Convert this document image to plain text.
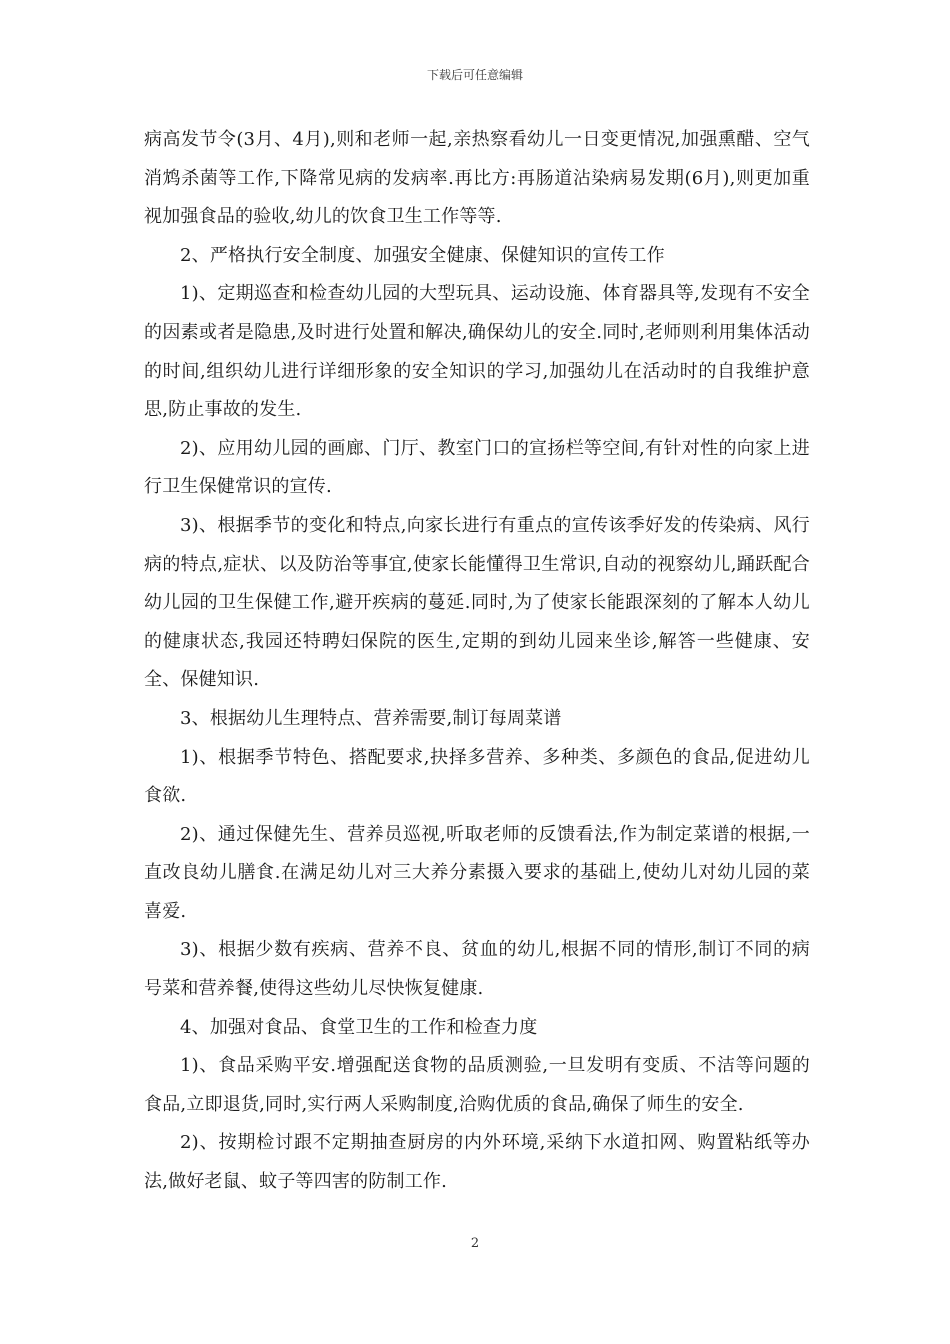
下载后可任意编辑

病高发节令(3月、4月),则和老师一起,亲热察看幼儿一日变更情况,加强熏醋、空气消鸩杀菌等工作,下降常见病的发病率.再比方:再肠道沾染病易发期(6月),则更加重视加强食品的验收,幼儿的饮食卫生工作等等.

2、严格执行安全制度、加强安全健康、保健知识的宣传工作

1)、定期巡查和检查幼儿园的大型玩具、运动设施、体育器具等,发现有不安全的因素或者是隐患,及时进行处置和解决,确保幼儿的安全.同时,老师则利用集体活动的时间,组织幼儿进行详细形象的安全知识的学习,加强幼儿在活动时的自我维护意思,防止事故的发生.

2)、应用幼儿园的画廊、门厅、教室门口的宣扬栏等空间,有针对性的向家上进行卫生保健常识的宣传.

3)、根据季节的变化和特点,向家长进行有重点的宣传该季好发的传染病、风行病的特点,症状、以及防治等事宜,使家长能懂得卫生常识,自动的视察幼儿,踊跃配合幼儿园的卫生保健工作,避开疾病的蔓延.同时,为了使家长能跟深刻的了解本人幼儿的健康状态,我园还特聘妇保院的医生,定期的到幼儿园来坐诊,解答一些健康、安全、保健知识.

3、根据幼儿生理特点、营养需要,制订每周菜谱

1)、根据季节特色、搭配要求,抉择多营养、多种类、多颜色的食品,促进幼儿食欲.

2)、通过保健先生、营养员巡视,听取老师的反馈看法,作为制定菜谱的根据,一直改良幼儿膳食.在满足幼儿对三大养分素摄入要求的基础上,使幼儿对幼儿园的菜喜爱.

3)、根据少数有疾病、营养不良、贫血的幼儿,根据不同的情形,制订不同的病号菜和营养餐,使得这些幼儿尽快恢复健康.

4、加强对食品、食堂卫生的工作和检查力度

1)、食品采购平安.增强配送食物的品质测验,一旦发明有变质、不洁等问题的食品,立即退货,同时,实行两人采购制度,洽购优质的食品,确保了师生的安全.

2)、按期检讨跟不定期抽查厨房的内外环境,采纳下水道扣网、购置粘纸等办法,做好老鼠、蚊子等四害的防制工作.

2
